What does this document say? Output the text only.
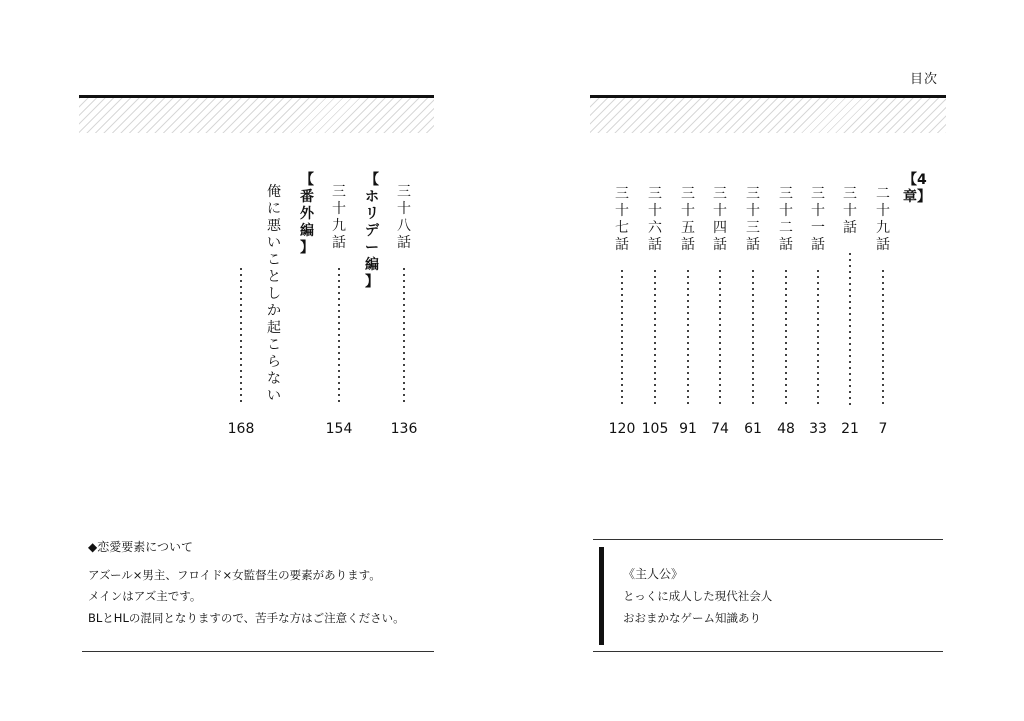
目次
【4章】
二
十
九
話
7
三
十
話
21
三
十
一
話
33
三
十
二
話
48
三
十
三
話
61
三
十
四
話
74
三
十
五
話
91
三
十
六
話
105
三
十
七
話
120
三
十
八
話
136
【
ホ
リ
デ
ー
編
】
三
十
九
話
154
【
番
外
編
】
俺
に
悪
い
こ
と
し
か
起
こ
ら
な
い
168
◆恋愛要素について
アズール×男主、フロイド×女監督生の要素があります。
メインはアズ主です。
BLとHLの混同となりますので、苦手な方はご注意ください。
《主人公》
とっくに成人した現代社会人
おおまかなゲーム知識あり
